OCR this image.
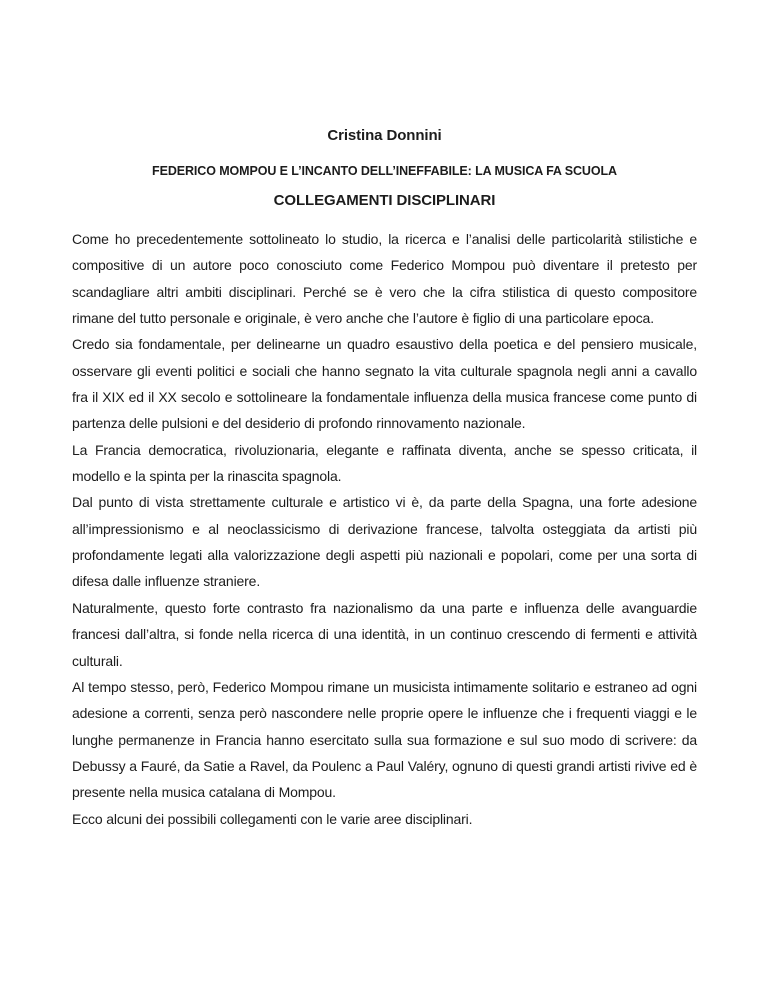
Cristina Donnini
FEDERICO MOMPOU E L’INCANTO DELL’INEFFABILE: LA MUSICA FA SCUOLA
COLLEGAMENTI DISCIPLINARI

Come ho precedentemente sottolineato lo studio, la ricerca e l’analisi delle particolarità stilistiche e compositive di un autore poco conosciuto come Federico Mompou può diventare il pretesto per scandagliare altri ambiti disciplinari. Perché se è vero che la cifra stilistica di questo compositore rimane del tutto personale e originale, è vero anche che l’autore è figlio di una particolare epoca.

Credo sia fondamentale, per delinearne un quadro esaustivo della poetica e del pensiero musicale, osservare gli eventi politici e sociali che hanno segnato la vita culturale spagnola negli anni a cavallo fra il XIX ed il XX secolo e sottolineare la fondamentale influenza della musica francese come punto di partenza delle pulsioni e del desiderio di profondo rinnovamento nazionale.

La Francia democratica, rivoluzionaria, elegante e raffinata diventa, anche se spesso criticata, il modello e la spinta per la rinascita spagnola.

Dal punto di vista strettamente culturale e artistico vi è, da parte della Spagna, una forte adesione all’impressionismo e al neoclassicismo di derivazione francese, talvolta osteggiata da artisti più profondamente legati alla valorizzazione degli aspetti più nazionali e popolari, come per una sorta di difesa dalle influenze straniere.

Naturalmente, questo forte contrasto fra nazionalismo da una parte e influenza delle avanguardie francesi dall’altra, si fonde nella ricerca di una identità, in un continuo crescendo di fermenti e attività culturali.

Al tempo stesso, però, Federico Mompou rimane un musicista intimamente solitario e estraneo ad ogni adesione a correnti, senza però nascondere nelle proprie opere le influenze che i frequenti viaggi e le lunghe permanenze in Francia hanno esercitato sulla sua formazione e sul suo modo di scrivere: da Debussy a Fauré, da Satie a Ravel, da Poulenc a Paul Valéry, ognuno di questi grandi artisti rivive ed è presente nella musica catalana di Mompou.

Ecco alcuni dei possibili collegamenti con le varie aree disciplinari.
